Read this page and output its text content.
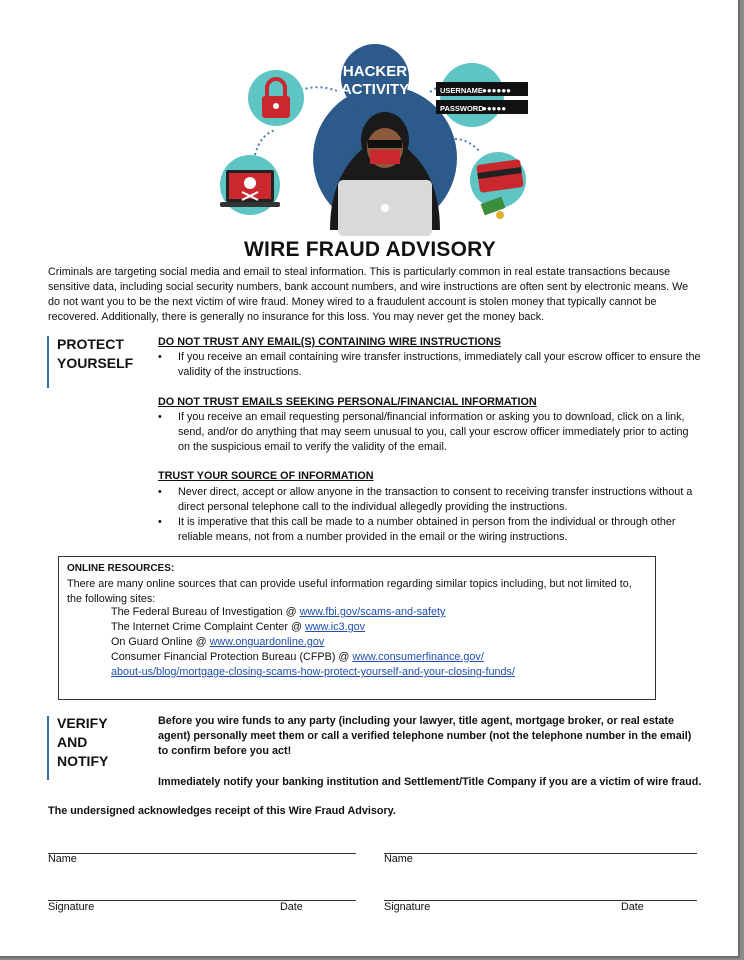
HACKER
ACTIVITY	USERNAME ●●●●●●
PASSWORD
●●●●●
WIRE FRAUD ADVISORY
Criminals are targeting social media and email to steal information. This is particularly common in real estate transactions because sensitive data, including social security numbers, bank account numbers, and wire instructions are often sent by electronic means. We do not want you to be the next victim of wire fraud. Money wired to a fraudulent account is stolen money that typically cannot be recovered. Additionally, there is generally no insurance for this loss. You may never get the money back.
PROTECT
YOURSELF
DO NOT TRUST ANY EMAIL(S) CONTAINING WIRE INSTRUCTIONS
•	If you receive an email containing wire transfer instructions, immediately call your escrow officer to ensure the validity of the instructions.
DO NOT TRUST EMAILS SEEKING PERSONAL/FINANCIAL INFORMATION
•	If you receive an email requesting personal/financial information or asking you to download, click on a link, send, and/or do anything that may seem unusual to you, call your escrow officer immediately prior to acting on the suspicious email to verify the validity of the email.
TRUST YOUR SOURCE OF INFORMATION
•	Never direct, accept or allow anyone in the transaction to consent to receiving transfer instructions without a direct personal telephone call to the individual allegedly providing the instructions.
•	It is imperative that this call be made to a number obtained in person from the individual or through other reliable means, not from a number provided in the email or the wiring instructions.
ONLINE RESOURCES:
There are many online sources that can provide useful information regarding similar topics including, but not limited to, the following sites:
The Federal Bureau of Investigation @ www.fbi.gov/scams-and-safety
The Internet Crime Complaint Center @ www.ic3.gov
On Guard Online @ www.onguardonline.gov
Consumer Financial Protection Bureau (CFPB) @ www.consumerfinance.gov/
about-us/blog/mortgage-closing-scams-how-protect-yourself-and-your-closing-funds/
VERIFY
AND
NOTIFY
Before you wire funds to any party (including your lawyer, title agent, mortgage broker, or real estate agent) personally meet them or call a verified telephone number (not the telephone number in the email) to confirm before you act!
Immediately notify your banking institution and Settlement/Title Company if you are a victim of wire fraud.
The undersigned acknowledges receipt of this Wire Fraud Advisory.
Name	Name
Signature	Date	Signature	Date
